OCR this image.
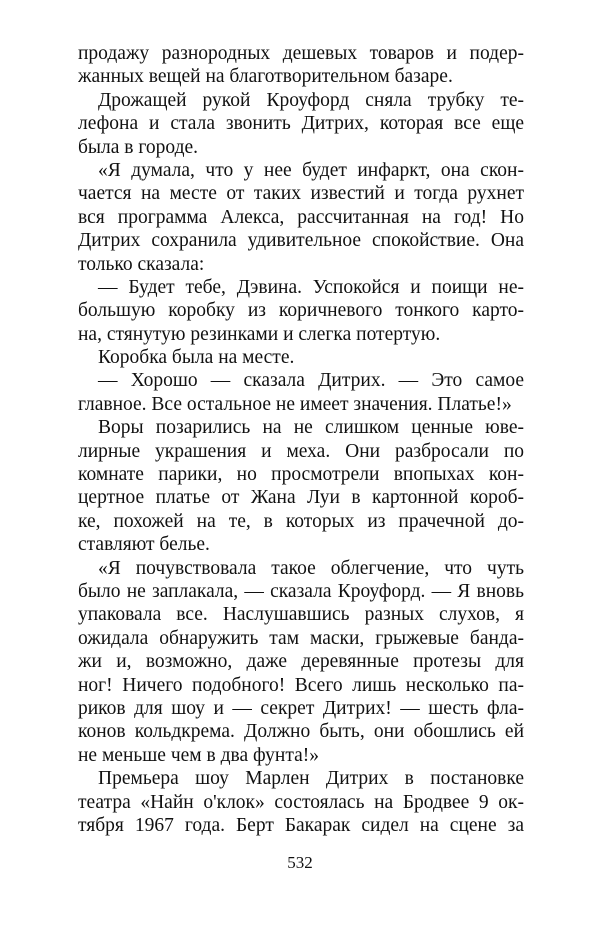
продажу разнородных дешевых товаров и подер-
жанных вещей на благотворительном базаре.
Дрожащей рукой Кроуфорд сняла трубку те-
лефона и стала звонить Дитрих, которая все еще
была в городе.
«Я думала, что у нее будет инфаркт, она скон-
чается на месте от таких известий и тогда рухнет
вся программа Алекса, рассчитанная на год! Но
Дитрих сохранила удивительное спокойствие. Она
только сказала:
— Будет тебе, Дэвина. Успокойся и поищи не-
большую коробку из коричневого тонкого карто-
на, стянутую резинками и слегка потертую.
Коробка была на месте.
— Хорошо — сказала Дитрих. — Это самое
главное. Все остальное не имеет значения. Платье!»
Воры позарились на не слишком ценные юве-
лирные украшения и меха. Они разбросали по
комнате парики, но просмотрели впопыхах кон-
цертное платье от Жана Луи в картонной короб-
ке, похожей на те, в которых из прачечной до-
ставляют белье.
«Я почувствовала такое облегчение, что чуть
было не заплакала, — сказала Кроуфорд. — Я вновь
упаковала все. Наслушавшись разных слухов, я
ожидала обнаружить там маски, грыжевые банда-
жи и, возможно, даже деревянные протезы для
ног! Ничего подобного! Всего лишь несколько па-
риков для шоу и — секрет Дитрих! — шесть флa-
конов кольдкрема. Должно быть, они обошлись ей
не меньше чем в два фунта!»
Премьера шоу Марлен Дитрих в постановке
театра «Найн о'клок» состоялась на Бродвее 9 ок-
тября 1967 года. Берт Бакарак сидел на сцене за
532
